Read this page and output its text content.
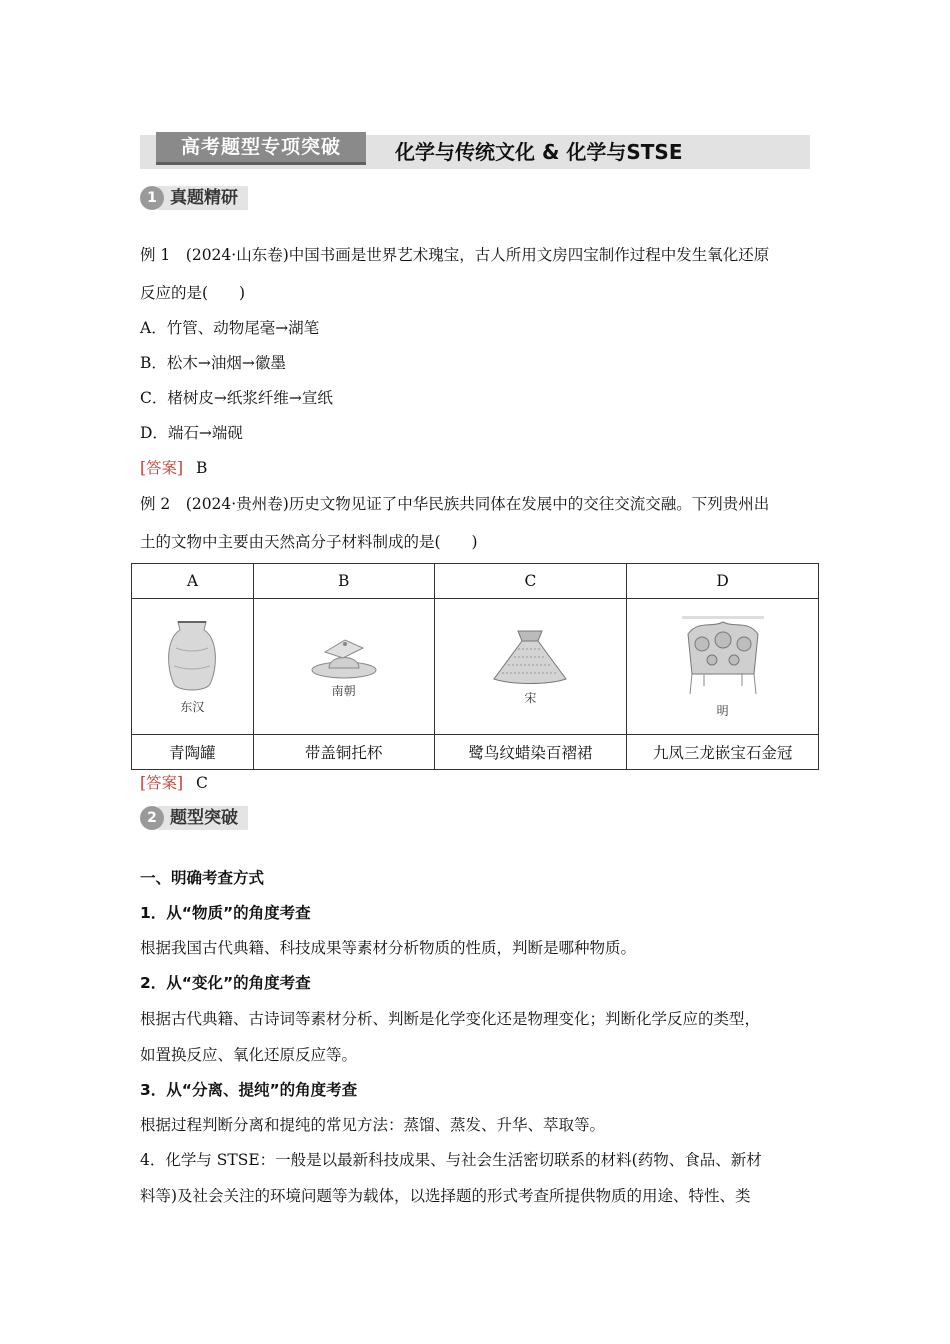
高考题型专项突破	化学与传统文化 & 化学与STSE
1 真题精研
例 1　(2024·山东卷)中国书画是世界艺术瑰宝，古人所用文房四宝制作过程中发生氧化还原
反应的是(　　)
A．竹管、动物尾毫→湖笔
B．松木→油烟→徽墨
C．楮树皮→纸浆纤维→宣纸
D．端石→端砚
[答案] B
例 2　(2024·贵州卷)历史文物见证了中华民族共同体在发展中的交往交流交融。下列贵州出
土的文物中主要由天然高分子材料制成的是(　　)
A	B	C	D

东汉	南朝	宋	明

青陶罐	带盖铜托杯	鹭鸟纹蜡染百褶裙	九凤三龙嵌宝石金冠
[答案] C
2 题型突破
一、明确考查方式
1．从“物质”的角度考查
根据我国古代典籍、科技成果等素材分析物质的性质，判断是哪种物质。
2．从“变化”的角度考查
根据古代典籍、古诗词等素材分析、判断是化学变化还是物理变化；判断化学反应的类型，
如置换反应、氧化还原反应等。
3．从“分离、提纯”的角度考查
根据过程判断分离和提纯的常见方法：蒸馏、蒸发、升华、萃取等。
4．化学与 STSE：一般是以最新科技成果、与社会生活密切联系的材料(药物、食品、新材
料等)及社会关注的环境问题等为载体，以选择题的形式考查所提供物质的用途、特性、类
